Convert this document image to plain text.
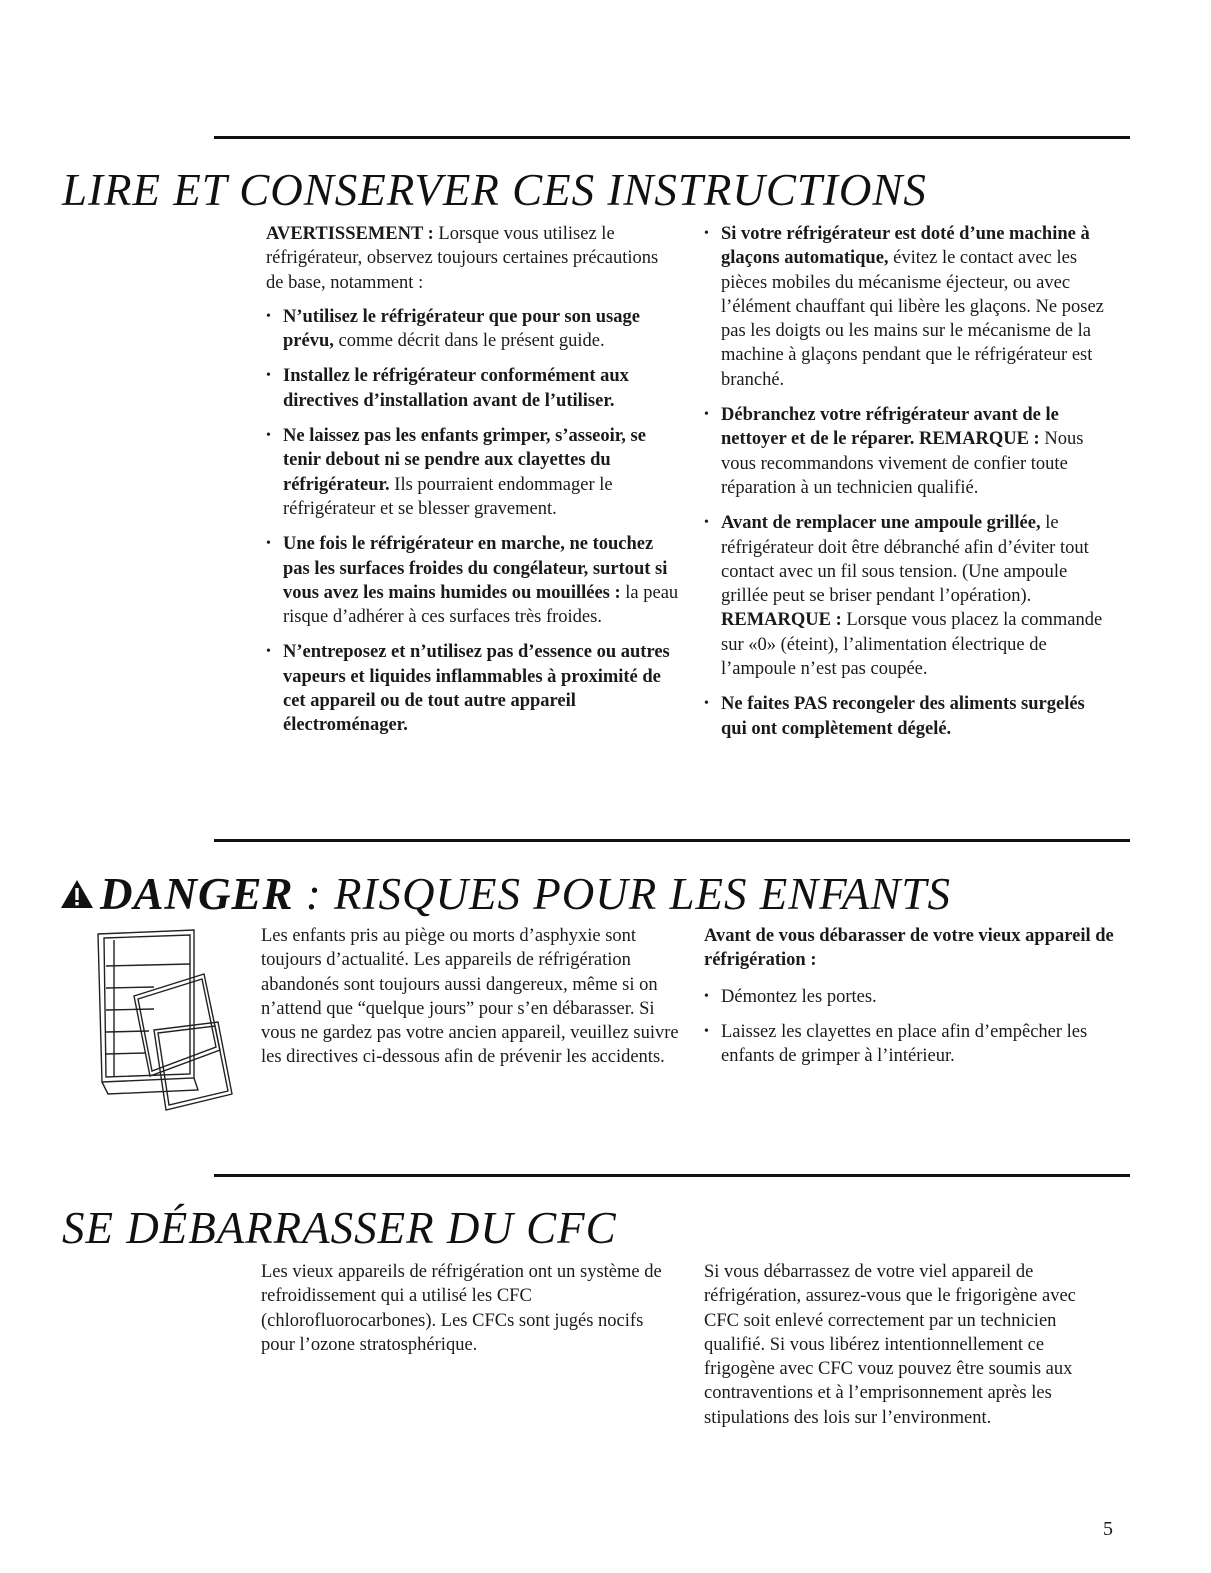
LIRE ET CONSERVER CES INSTRUCTIONS

AVERTISSEMENT : Lorsque vous utilisez le réfrigérateur, observez toujours certaines précautions de base, notamment :

• N’utilisez le réfrigérateur que pour son usage prévu, comme décrit dans le présent guide.
• Installez le réfrigérateur conformément aux directives d’installation avant de l’utiliser.
• Ne laissez pas les enfants grimper, s’asseoir, se tenir debout ni se pendre aux clayettes du réfrigérateur. Ils pourraient endommager le réfrigérateur et se blesser gravement.
• Une fois le réfrigérateur en marche, ne touchez pas les surfaces froides du congélateur, surtout si vous avez les mains humides ou mouillées : la peau risque d’adhérer à ces surfaces très froides.
• N’entreposez et n’utilisez pas d’essence ou autres vapeurs et liquides inflammables à proximité de cet appareil ou de tout autre appareil électroménager.
• Si votre réfrigérateur est doté d’une machine à glaçons automatique, évitez le contact avec les pièces mobiles du mécanisme éjecteur, ou avec l’élément chauffant qui libère les glaçons. Ne posez pas les doigts ou les mains sur le mécanisme de la machine à glaçons pendant que le réfrigérateur est branché.
• Débranchez votre réfrigérateur avant de le nettoyer et de le réparer. REMARQUE : Nous vous recommandons vivement de confier toute réparation à un technicien qualifié.
• Avant de remplacer une ampoule grillée, le réfrigérateur doit être débranché afin d’éviter tout contact avec un fil sous tension. (Une ampoule grillée peut se briser pendant l’opération). REMARQUE : Lorsque vous placez la commande sur «0» (éteint), l’alimentation électrique de l’ampoule n’est pas coupée.
• Ne faites PAS recongeler des aliments surgelés qui ont complètement dégelé.
DANGER : RISQUES POUR LES ENFANTS

Les enfants pris au piège ou morts d’asphyxie sont toujours d’actualité. Les appareils de réfrigération abandonés sont toujours aussi dangereux, même si on n’attend que “quelque jours” pour s’en débarasser. Si vous ne gardez pas votre ancien appareil, veuillez suivre les directives ci-dessous afin de prévenir les accidents.

Avant de vous débarasser de votre vieux appareil de réfrigération :

• Démontez les portes.
• Laissez les clayettes en place afin d’empêcher les enfants de grimper à l’intérieur.
SE DÉBARRASSER DU CFC

Les vieux appareils de réfrigération ont un système de refroidissement qui a utilisé les CFC (chlorofluorocarbones). Les CFCs sont jugés nocifs pour l’ozone stratosphérique.

Si vous débarrassez de votre viel appareil de réfrigération, assurez-vous que le frigorigène avec CFC soit enlevé correctement par un technicien qualifié. Si vous libérez intentionnellement ce frigogène avec CFC vouz pouvez être soumis aux contraventions et à l’emprisonnement après les stipulations des lois sur l’environment.

5
